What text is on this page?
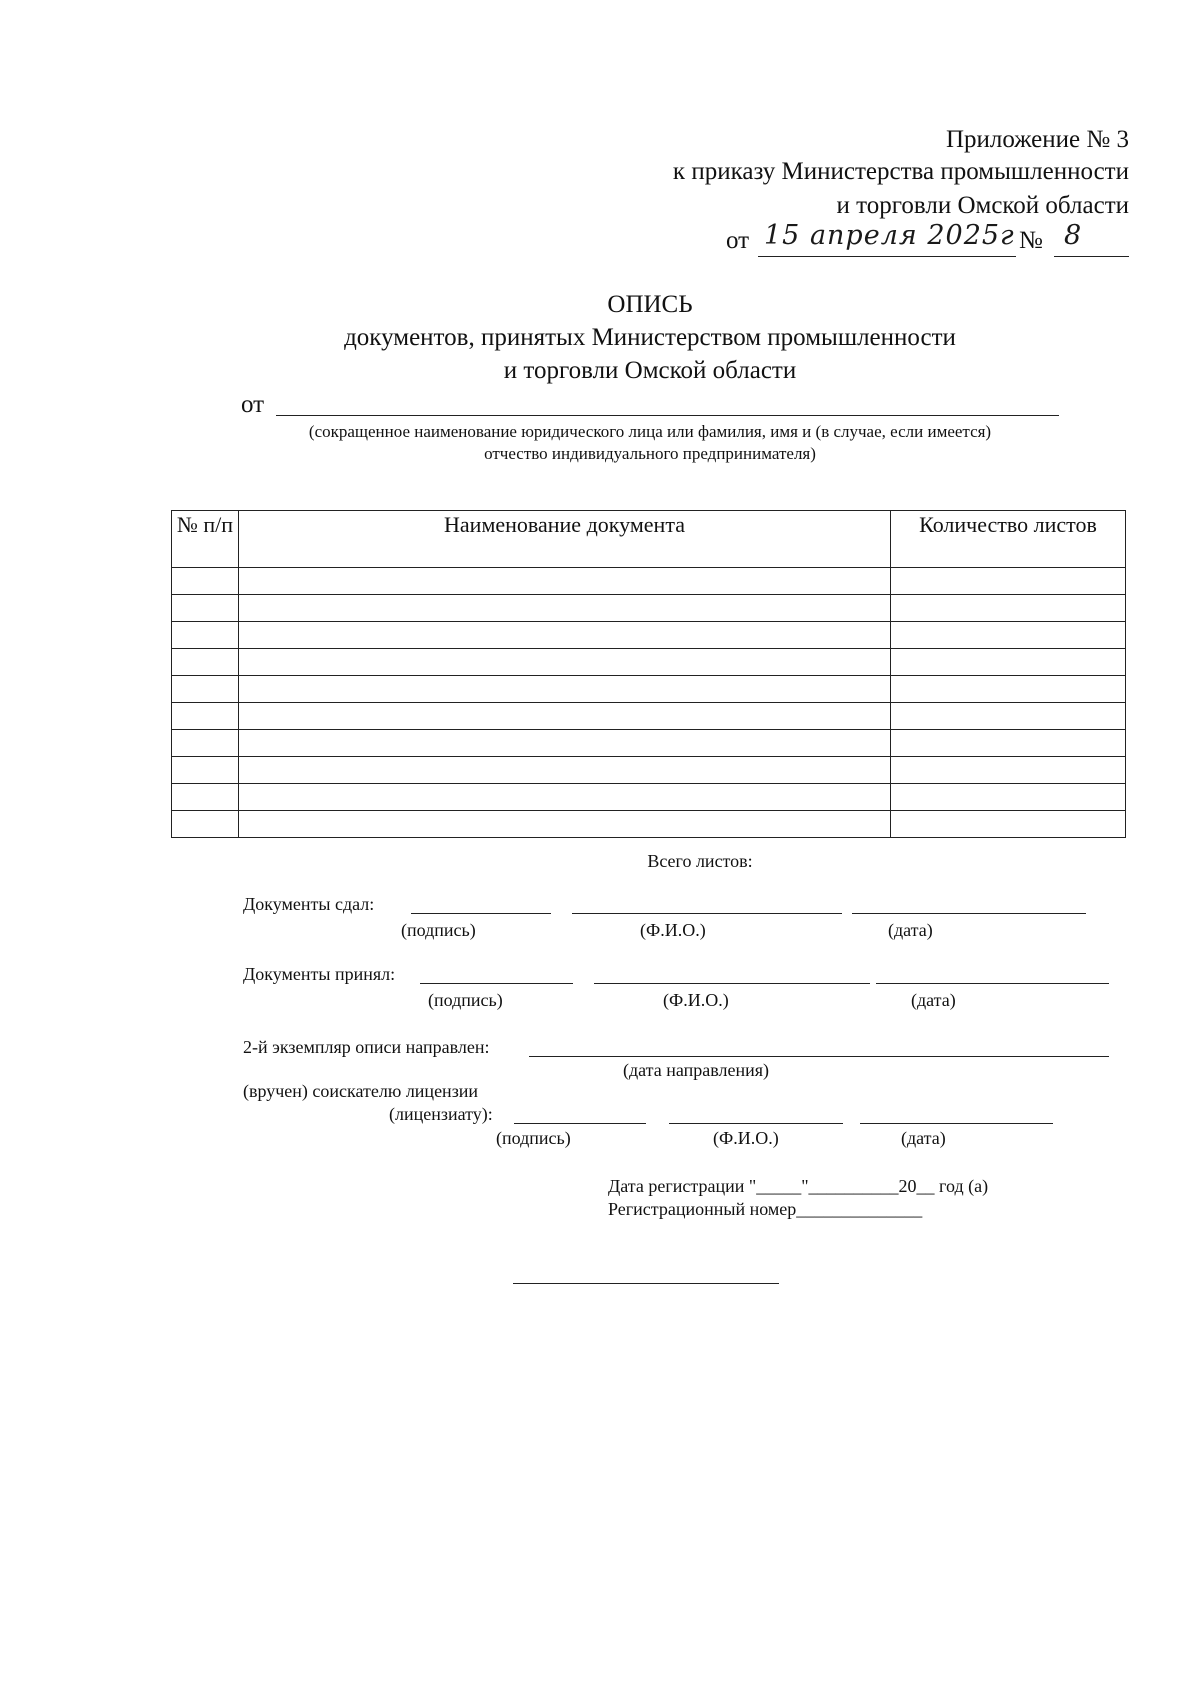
Приложение № 3
к приказу Министерства промышленности
и торговли Омской области
от 15 апреля 2025г № 8
ОПИСЬ
документов, принятых Министерством промышленности
и торговли Омской области
от
(сокращенное наименование юридического лица или фамилия, имя и (в случае, если имеется)
отчество индивидуального предпринимателя)
№ п/п	Наименование документа	Количество листов

Всего листов:
Документы сдал:
(подпись)	(Ф.И.О.)	(дата)
Документы принял:
(подпись)	(Ф.И.О.)	(дата)
2-й экземпляр описи направлен:
(дата направления)
(вручен) соискателю лицензии
(лицензиату):
(подпись)	(Ф.И.О.)	(дата)
Дата регистрации "_____"__________20__ год (а)
Регистрационный номер______________
